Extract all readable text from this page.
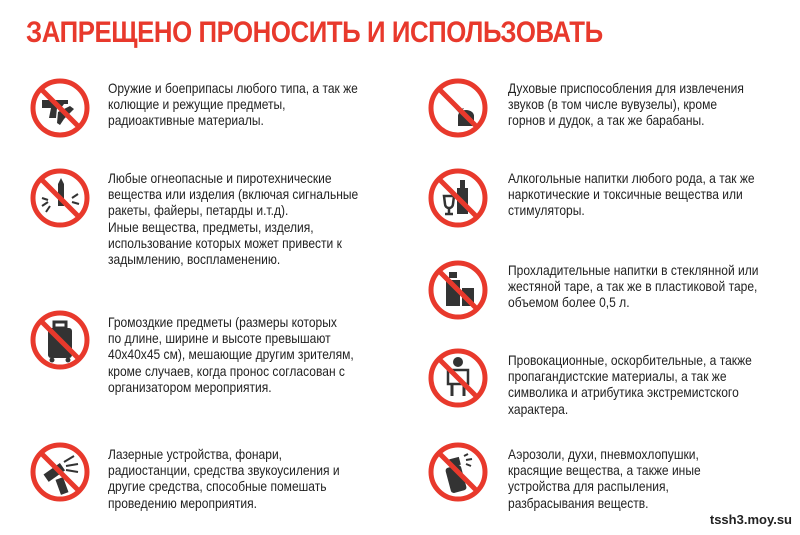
ЗАПРЕЩЕНО ПРОНОСИТЬ И ИСПОЛЬЗОВАТЬ
Оружие и боеприпасы любого типа, а так же
колющие и режущие предметы,
радиоактивные материалы.
Любые огнеопасные и пиротехнические
вещества или изделия (включая сигнальные
ракеты, файеры, петарды и.т.д).
Иные вещества, предметы, изделия,
использование которых может привести к
задымлению, воспламенению.
Громоздкие предметы (размеры которых
по длине, ширине и высоте превышают
40х40х45 см), мешающие другим зрителям,
кроме случаев, когда пронос согласован с
организатором мероприятия.
Лазерные устройства, фонари,
радиостанции, средства звукоусиления и
другие средства, способные помешать
проведению мероприятия.
Духовые приспособления для извлечения
звуков (в том числе вувузелы), кроме
горнов и дудок, а так же барабаны.
Алкогольные напитки любого рода, а так же
наркотические и токсичные вещества или
стимуляторы.
Прохладительные напитки в стеклянной или
жестяной таре, а так же в пластиковой таре,
объемом более 0,5 л.
Провокационные, оскорбительные, а также
пропагандистские материалы, а так же
символика и атрибутика экстремистского
характера.
Аэрозоли, духи, пневмохлопушки,
красящие вещества, а также иные
устройства для распыления,
разбрасывания веществ.
tssh3.moy.su
